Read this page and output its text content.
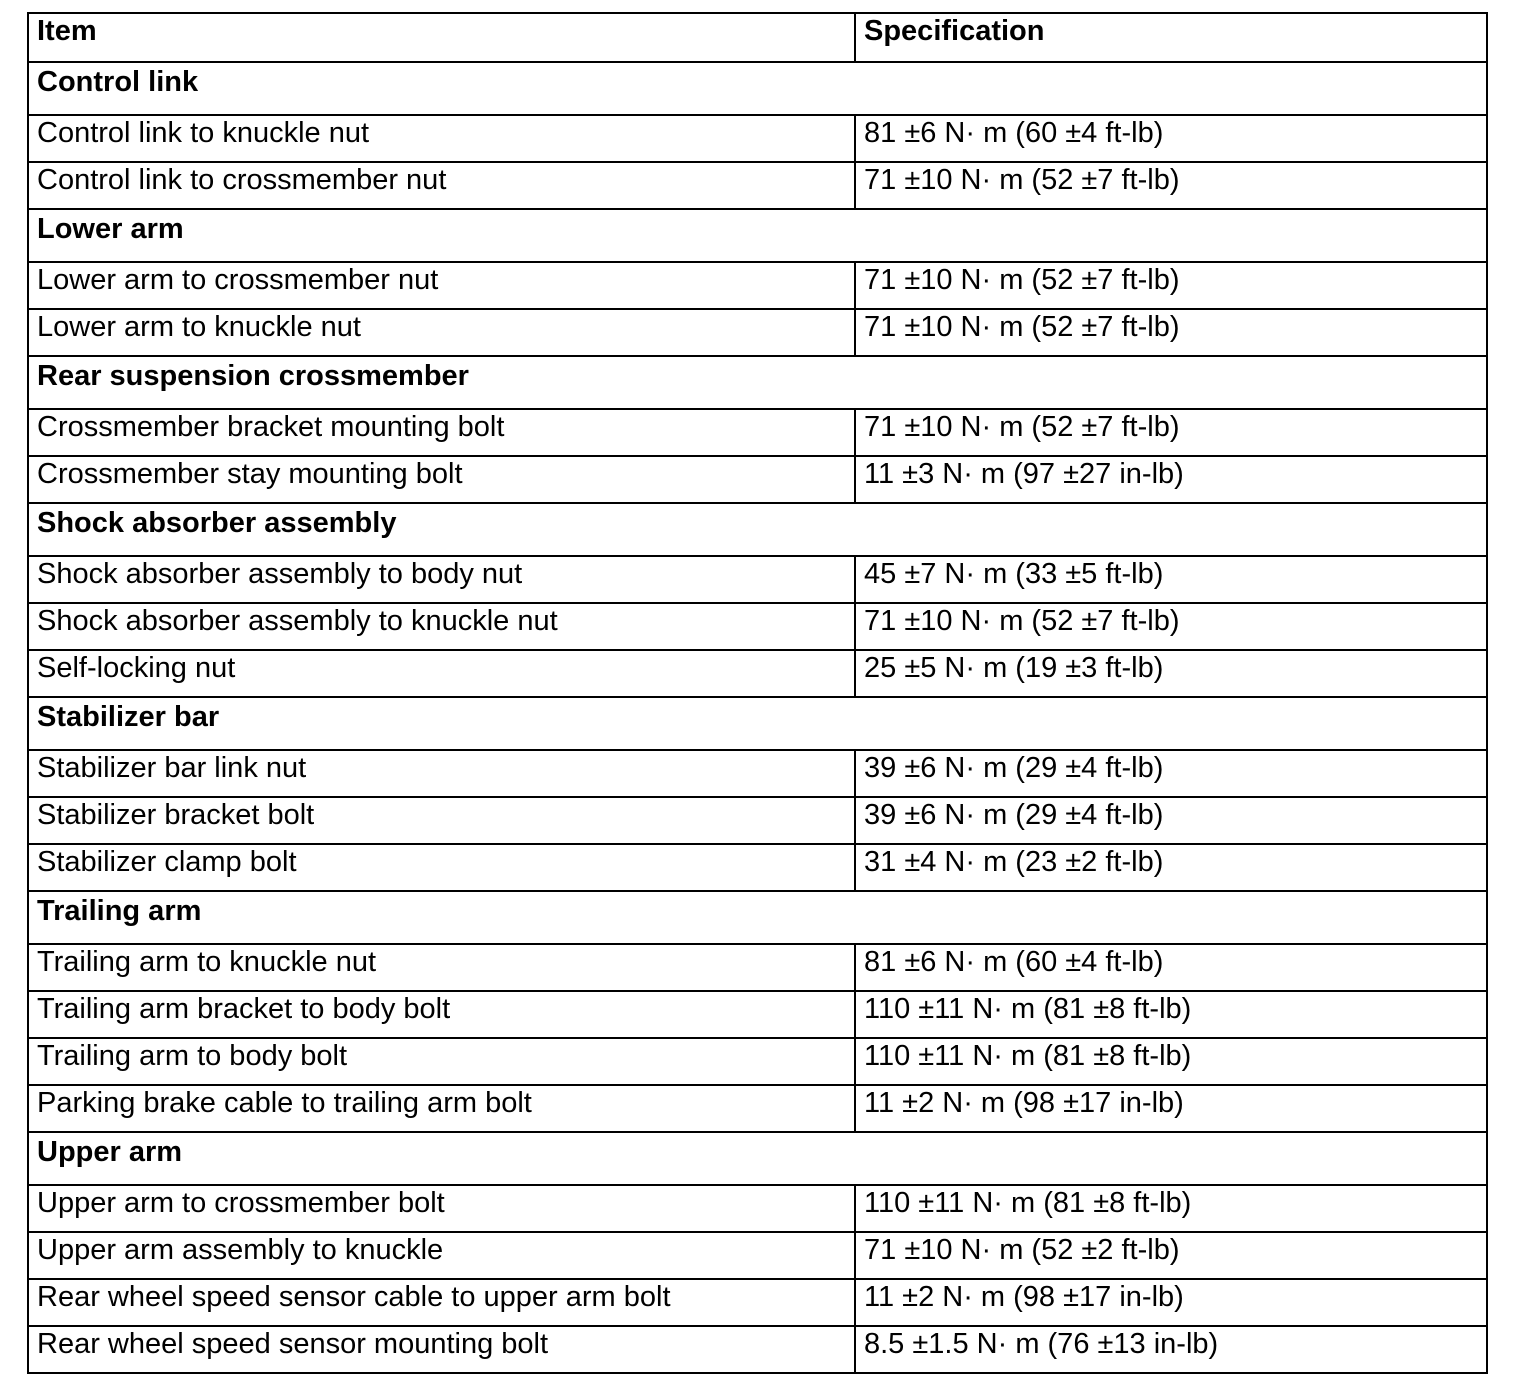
Item	Specification
Control link	
Control link to knuckle nut	81 ±6 N· m (60 ±4 ft-lb)
Control link to crossmember nut	71 ±10 N· m (52 ±7 ft-lb)
Lower arm	
Lower arm to crossmember nut	71 ±10 N· m (52 ±7 ft-lb)
Lower arm to knuckle nut	71 ±10 N· m (52 ±7 ft-lb)
Rear suspension crossmember	
Crossmember bracket mounting bolt	71 ±10 N· m (52 ±7 ft-lb)
Crossmember stay mounting bolt	11 ±3 N· m (97 ±27 in-lb)
Shock absorber assembly	
Shock absorber assembly to body nut	45 ±7 N· m (33 ±5 ft-lb)
Shock absorber assembly to knuckle nut	71 ±10 N· m (52 ±7 ft-lb)
Self-locking nut	25 ±5 N· m (19 ±3 ft-lb)
Stabilizer bar	
Stabilizer bar link nut	39 ±6 N· m (29 ±4 ft-lb)
Stabilizer bracket bolt	39 ±6 N· m (29 ±4 ft-lb)
Stabilizer clamp bolt	31 ±4 N· m (23 ±2 ft-lb)
Trailing arm	
Trailing arm to knuckle nut	81 ±6 N· m (60 ±4 ft-lb)
Trailing arm bracket to body bolt	110 ±11 N· m (81 ±8 ft-lb)
Trailing arm to body bolt	110 ±11 N· m (81 ±8 ft-lb)
Parking brake cable to trailing arm bolt	11 ±2 N· m (98 ±17 in-lb)
Upper arm	
Upper arm to crossmember bolt	110 ±11 N· m (81 ±8 ft-lb)
Upper arm assembly to knuckle	71 ±10 N· m (52 ±2 ft-lb)
Rear wheel speed sensor cable to upper arm bolt	11 ±2 N· m (98 ±17 in-lb)
Rear wheel speed sensor mounting bolt	8.5 ±1.5 N· m (76 ±13 in-lb)
